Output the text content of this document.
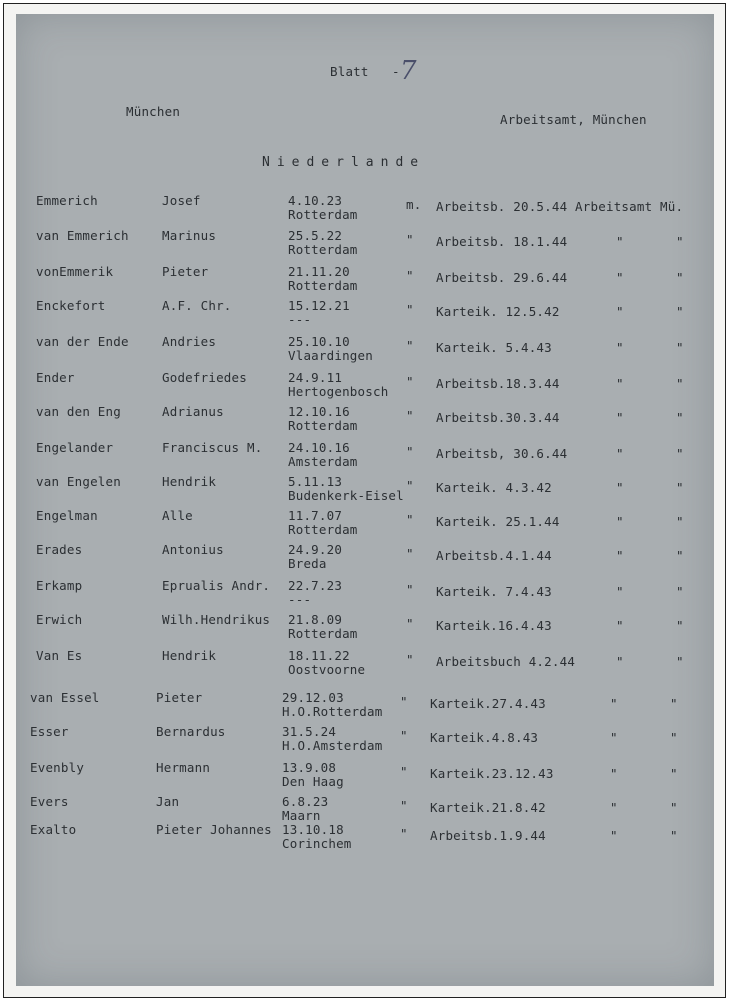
Blatt - 7
München
Arbeitsamt, München
Niederlande
Emmerich	Josef	4.10.23
Rotterdam
m. Arbeitsb. 20.5.44 Arbeitsamt Mü.
van Emmerich	Marinus	25.5.22
Rotterdam
" Arbeitsb. 18.1.44	"	"
vonEmmerik	Pieter	21.11.20
Rotterdam
" Arbeitsb. 29.6.44	"	"
Enckefort	A.F. Chr.	15.12.21
---
" Karteik. 12.5.42	"	"
van der Ende	Andries	25.10.10
Vlaardingen
" Karteik. 5.4.43	"	"
Ender	Godefriedes	24.9.11
Hertogenbosch
" Arbeitsb.18.3.44	"	"
van den Eng	Adrianus	12.10.16
Rotterdam
" Arbeitsb.30.3.44	"	"
Engelander	Franciscus M. 24.10.16
Amsterdam
" Arbeitsb, 30.6.44	"	"
van Engelen	Hendrik	5.11.13
Budenkerk-Eisel
" Karteik. 4.3.42	"	"
Engelman	Alle	11.7.07
Rotterdam
" Karteik. 25.1.44	"	"
Erades	Antonius	24.9.20
Breda
" Arbeitsb.4.1.44	"	"
Erkamp	Eprualis Andr. 22.7.23
---
" Karteik. 7.4.43	"	"
Erwich	Wilh.Hendrikus 21.8.09
Rotterdam
" Karteik.16.4.43	"	"
Van Es	Hendrik	18.11.22
Oostvoorne
" Arbeitsbuch 4.2.44	"	"
van Essel	Pieter	29.12.03
H.O.Rotterdam
" Karteik.27.4.43	"	"
Esser	Bernardus	31.5.24
H.O.Amsterdam
" Karteik.4.8.43	"	"
Evenbly	Hermann	13.9.08
Den Haag
" Karteik.23.12.43	"	"
Evers	Jan	6.8.23
Maarn
" Karteik.21.8.42	"	"
Exalto	Pieter Johannes 13.10.18
Corinchem
" Arbeitsb.1.9.44	"	"
